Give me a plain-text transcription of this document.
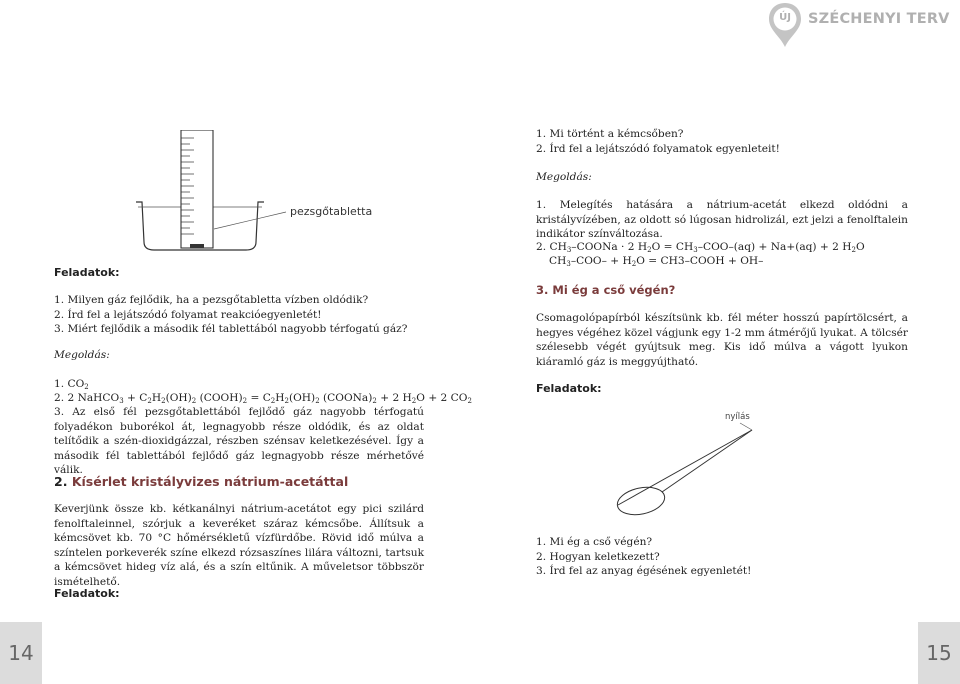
ÚJ SZÉCHENYI TERV
pezsgőtabletta
Feladatok:
1. Milyen gáz fejlődik, ha a pezsgőtabletta vízben oldódik?
2. Írd fel a lejátszódó folyamat reakcióegyenletét!
3. Miért fejlődik a második fél tablettából nagyobb térfogatú gáz?
Megoldás:
1. $CO_2$
2. 2 NaHCO$_3$ + $C_2H_2(OH)_2$ $(COOH)_2 = C_2H_2(OH)_2$ $(COONa)_2 + 2$ $H_2O + 2$ $CO_2$
3. Az első fél pezsgőtablettából fejlődő gáz nagyobb térfogatú folyadékon buborékol át, legnagyobb része oldódik, és az oldat telítődik a szén-dioxidgázzal, részben szénsav keletkezésével. Így a második fél tablettából fejlődő gáz legnagyobb része mérhetővé válik.
2. Kísérlet kristályvizes nátrium-acetáttal
Keverjünk össze kb. kétkanálnyi nátrium-acetátot egy pici szilárd fenolftaleinnel, szórjuk a keveréket száraz kémcsőbe. Állítsuk a kémcsövet kb. 70 °C hőmérsékletű vízfürdőbe. Rövid idő múlva a színtelen porkeverék színe elkezd rózsaszínes lilára változni, tartsuk a kémcsövet hideg víz alá, és a szín eltűnik. A műveletsor többször ismételhető.
Feladatok:
14
1. Mi történt a kémcsőben?
2. Írd fel a lejátszódó folyamatok egyenleteit!
Megoldás:
1. Melegítés hatására a nátrium-acetát elkezd oldódni a kristályvízében, az oldott só lúgosan hidrolizál, ezt jelzi a fenolftalein indikátor színváltozása.
2. $CH_3$–COONa · 2 $H_2O = CH_3-COO-(aq) + Na+(aq) + 2$ $H_2O$
$CH_3-COO- + H_2O$ = CH3–COOH + OH–
3. Mi ég a cső végén?
Csomagolópapírból készítsünk kb. fél méter hosszú papírtölcsért, a hegyes végéhez közel vágjunk egy 1-2 mm átmérőjű lyukat. A tölcsér szélesebb végét gyújtsuk meg. Kis idő múlva a vágott lyukon kiáramló gáz is meggyújtható.
Feladatok:
nyílás
1. Mi ég a cső végén?
2. Hogyan keletkezett?
3. Írd fel az anyag égésének egyenletét!
15
